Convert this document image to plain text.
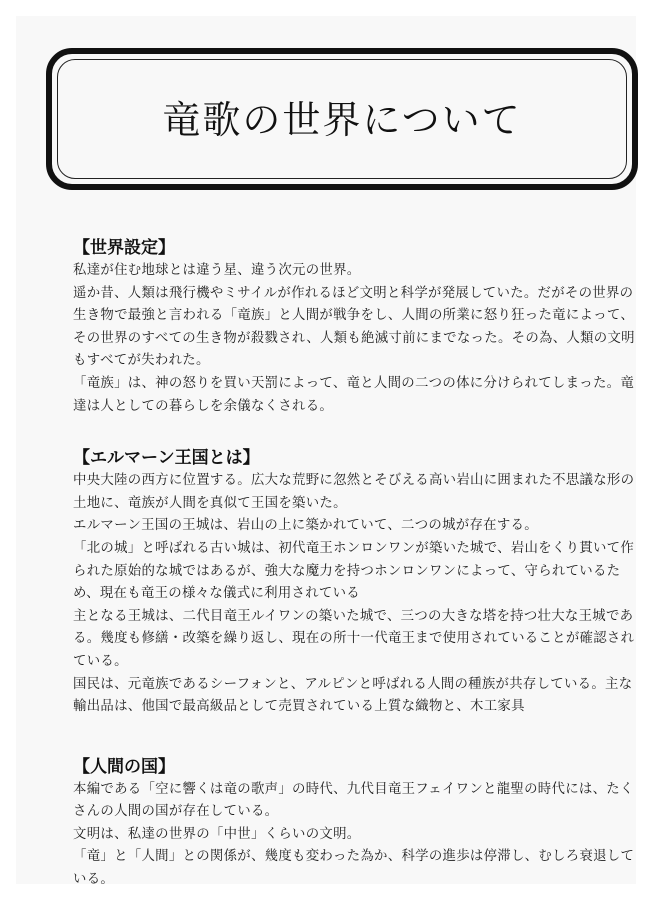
竜歌の世界について
【世界設定】

私達が住む地球とは違う星、違う次元の世界。

遥か昔、人類は飛行機やミサイルが作れるほど文明と科学が発展していた。だがその世界の生き物で最強と言われる「竜族」と人間が戦争をし、人間の所業に怒り狂った竜によって、その世界のすべての生き物が殺戮され、人類も絶滅寸前にまでなった。その為、人類の文明もすべてが失われた。

「竜族」は、神の怒りを買い天罰によって、竜と人間の二つの体に分けられてしまった。竜達は人としての暮らしを余儀なくされる。

【エルマーン王国とは】

中央大陸の西方に位置する。広大な荒野に忽然とそびえる高い岩山に囲まれた不思議な形の土地に、竜族が人間を真似て王国を築いた。

エルマーン王国の王城は、岩山の上に築かれていて、二つの城が存在する。

「北の城」と呼ばれる古い城は、初代竜王ホンロンワンが築いた城で、岩山をくり貫いて作られた原始的な城ではあるが、強大な魔力を持つホンロンワンによって、守られているため、現在も竜王の様々な儀式に利用されている

主となる王城は、二代目竜王ルイワンの築いた城で、三つの大きな塔を持つ壮大な王城である。幾度も修繕・改築を繰り返し、現在の所十一代竜王まで使用されていることが確認されている。

国民は、元竜族であるシーフォンと、アルピンと呼ばれる人間の種族が共存している。主な輸出品は、他国で最高級品として売買されている上質な織物と、木工家具

【人間の国】

本編である「空に響くは竜の歌声」の時代、九代目竜王フェイワンと龍聖の時代には、たくさんの人間の国が存在している。

文明は、私達の世界の「中世」くらいの文明。

「竜」と「人間」との関係が、幾度も変わった為か、科学の進歩は停滞し、むしろ衰退している。
